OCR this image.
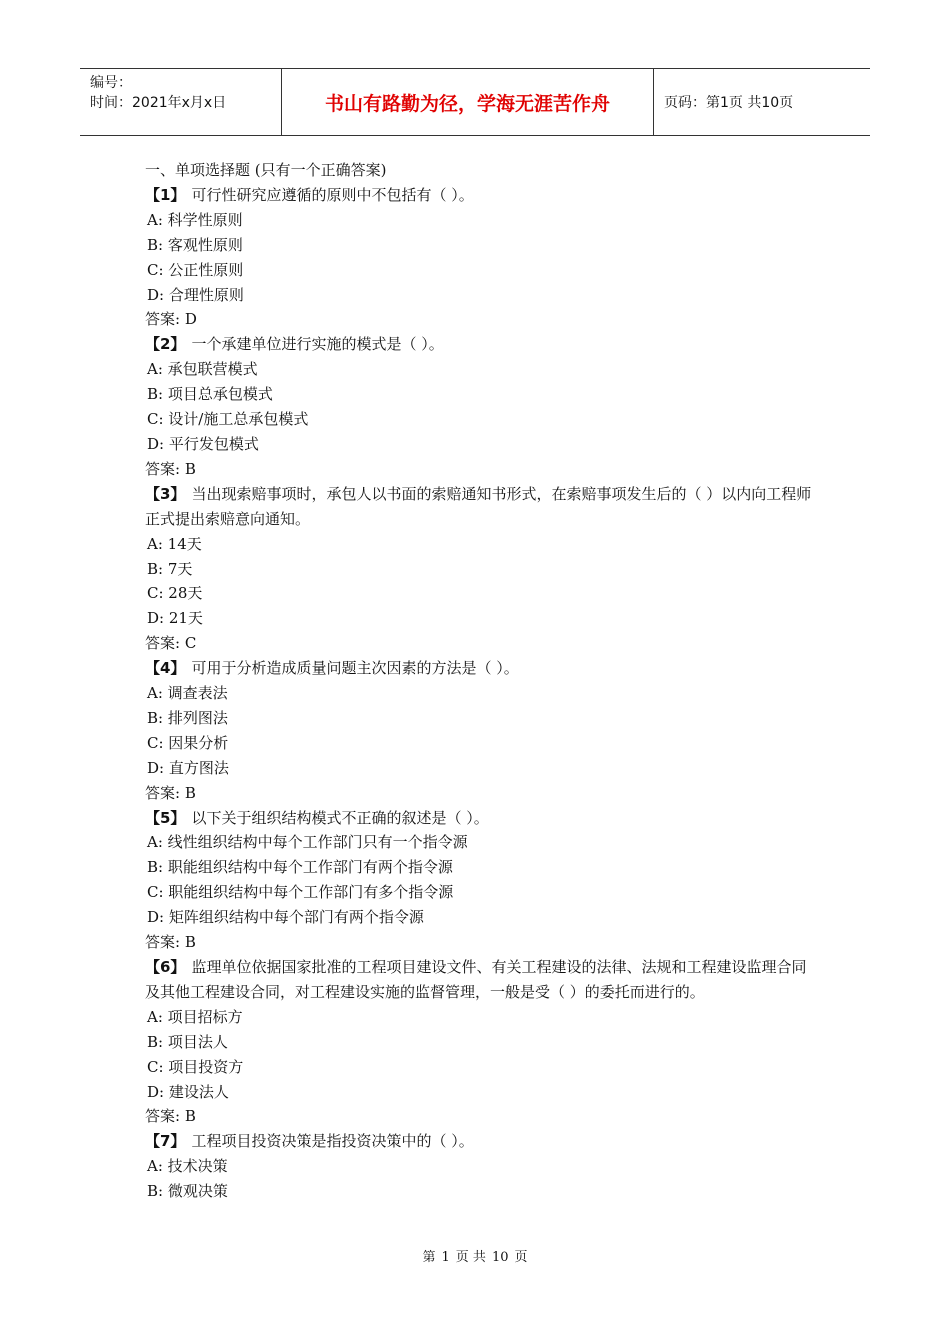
编号：
时间：2021年x月x日	书山有路勤为径，学海无涯苦作舟	页码：第1页 共10页
一、单项选择题 (只有一个正确答案)
【1】 可行性研究应遵循的原则中不包括有（ ）。
A: 科学性原则
B: 客观性原则
C: 公正性原则
D: 合理性原则
答案: D
【2】 一个承建单位进行实施的模式是（ ）。
A: 承包联营模式
B: 项目总承包模式
C: 设计/施工总承包模式
D: 平行发包模式
答案: B
【3】 当出现索赔事项时，承包人以书面的索赔通知书形式，在索赔事项发生后的（ ）以内向工程师正式提出索赔意向通知。
A: 14天
B: 7天
C: 28天
D: 21天
答案: C
【4】 可用于分析造成质量问题主次因素的方法是（ ）。
A: 调查表法
B: 排列图法
C: 因果分析
D: 直方图法
答案: B
【5】 以下关于组织结构模式不正确的叙述是（ ）。
A: 线性组织结构中每个工作部门只有一个指令源
B: 职能组织结构中每个工作部门有两个指令源
C: 职能组织结构中每个工作部门有多个指令源
D: 矩阵组织结构中每个部门有两个指令源
答案: B
【6】 监理单位依据国家批准的工程项目建设文件、有关工程建设的法律、法规和工程建设监理合同及其他工程建设合同，对工程建设实施的监督管理，一般是受（ ）的委托而进行的。
A: 项目招标方
B: 项目法人
C: 项目投资方
D: 建设法人
答案: B
【7】 工程项目投资决策是指投资决策中的（ ）。
A: 技术决策
B: 微观决策
第 1 页 共 10 页
